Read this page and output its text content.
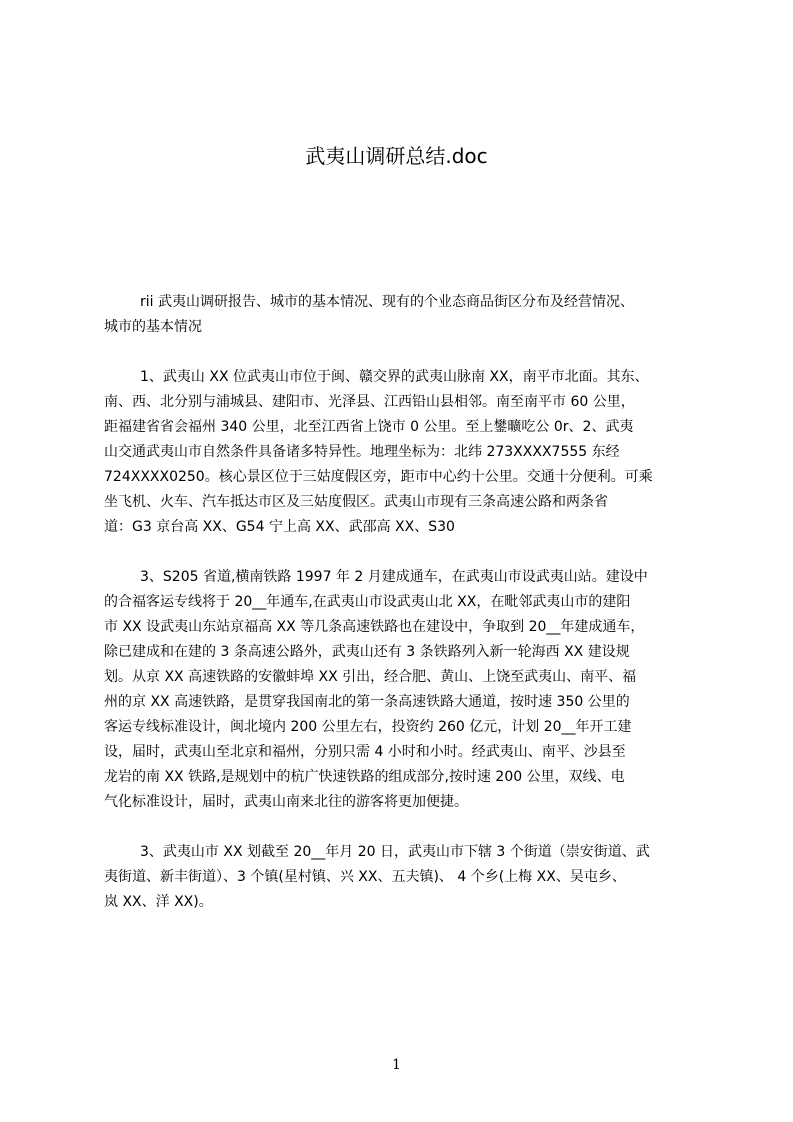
武夷山调研总结.doc
rii 武夷山调研报告、城市的基本情况、现有的个业态商品街区分布及经营情况、
城市的基本情况
1、武夷山 XX 位武夷山市位于闽、赣交界的武夷山脉南 XX，南平市北面。其东、
南、西、北分别与浦城县、建阳市、光泽县、江西铅山县相邻。南至南平市 60 公里，
距福建省省会福州 340 公里，北至江西省上饶市 0 公里。至上鐢曠吃公 0r、2、武夷
山交通武夷山市自然条件具备诸多特异性。地理坐标为：北纬 273XXXX7555 东经
724XXXX0250。核心景区位于三姑度假区旁，距市中心约十公里。交通十分便利。可乘
坐飞机、火车、汽车抵达市区及三姑度假区。武夷山市现有三条高速公路和两条省
道：G3 京台高 XX、G54 宁上高 XX、武邵高 XX、S30
3、S205 省道,横南铁路 1997 年 2 月建成通车，在武夷山市设武夷山站。建设中
的合福客运专线将于 20__年通车,在武夷山市设武夷山北 XX，在毗邻武夷山市的建阳
市 XX 设武夷山东站京福高 XX 等几条高速铁路也在建设中，争取到 20__年建成通车，
除已建成和在建的 3 条高速公路外，武夷山还有 3 条铁路列入新一轮海西 XX 建设规
划。从京 XX 高速铁路的安徽蚌埠 XX 引出，经合肥、黄山、上饶至武夷山、南平、福
州的京 XX 高速铁路，是贯穿我国南北的第一条高速铁路大通道，按时速 350 公里的
客运专线标准设计，闽北境内 200 公里左右，投资约 260 亿元，计划 20__年开工建
设，届时，武夷山至北京和福州，分别只需 4 小时和小时。经武夷山、南平、沙县至
龙岩的南 XX 铁路,是规划中的杭广快速铁路的组成部分,按时速 200 公里，双线、电
气化标准设计，届时，武夷山南来北往的游客将更加便捷。
3、武夷山市 XX 划截至 20__年月 20 日，武夷山市下辖 3 个街道（崇安街道、武
夷街道、新丰街道）、3 个镇(星村镇、兴 XX、五夫镇)、 4 个乡(上梅 XX、吴屯乡、
岚 XX、洋 XX)。
1
